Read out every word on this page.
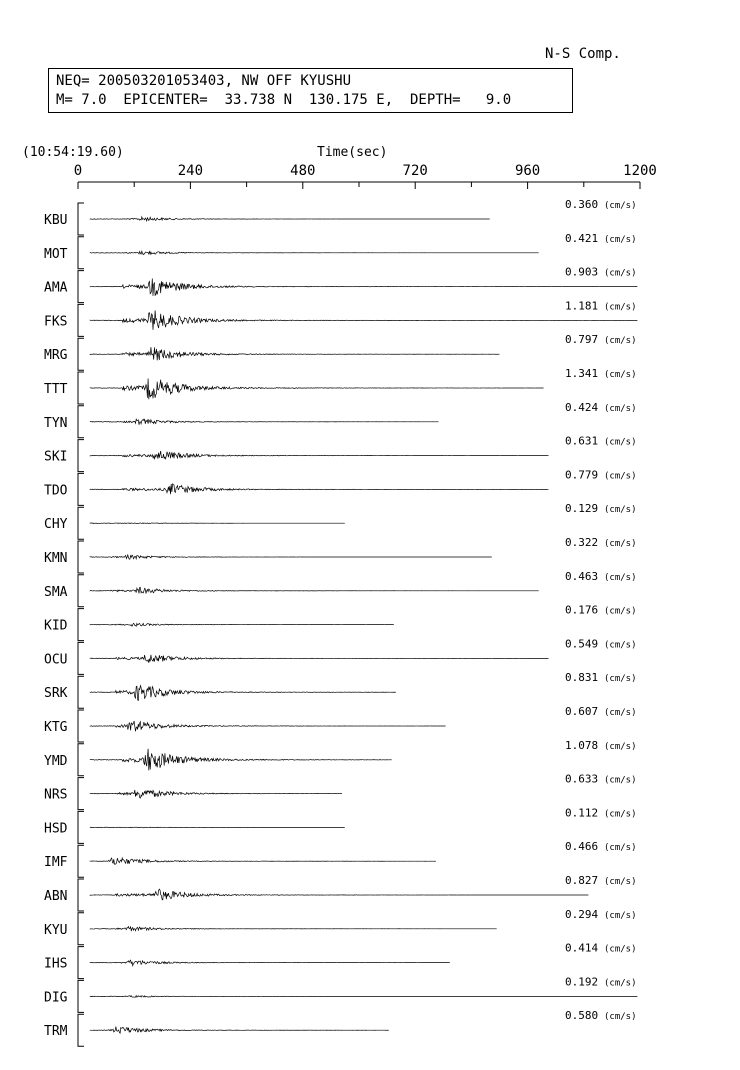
N-S Comp.
NEQ= 200503201053403, NW OFF KYUSHU
M= 7.0  EPICENTER=  33.738 N  130.175 E,  DEPTH=   9.0
(10:54:19.60)	Time(sec)
0	240	480	720	960	1200
KBU
0.360 (cm/s)
MOT
0.421 (cm/s)
AMA
0.903 (cm/s)
FKS
1.181 (cm/s)
MRG
0.797 (cm/s)
TTT
1.341 (cm/s)
TYN
0.424 (cm/s)
SKI
0.631 (cm/s)
TDO
0.779 (cm/s)
CHY
0.129 (cm/s)
KMN
0.322 (cm/s)
SMA
0.463 (cm/s)
KID
0.176 (cm/s)
OCU
0.549 (cm/s)
SRK
0.831 (cm/s)
KTG
0.607 (cm/s)
YMD
1.078 (cm/s)
NRS
0.633 (cm/s)
HSD
0.112 (cm/s)
IMF
0.466 (cm/s)
ABN
0.827 (cm/s)
KYU
0.294 (cm/s)
IHS
0.414 (cm/s)
DIG
0.192 (cm/s)
TRM
0.580 (cm/s)
